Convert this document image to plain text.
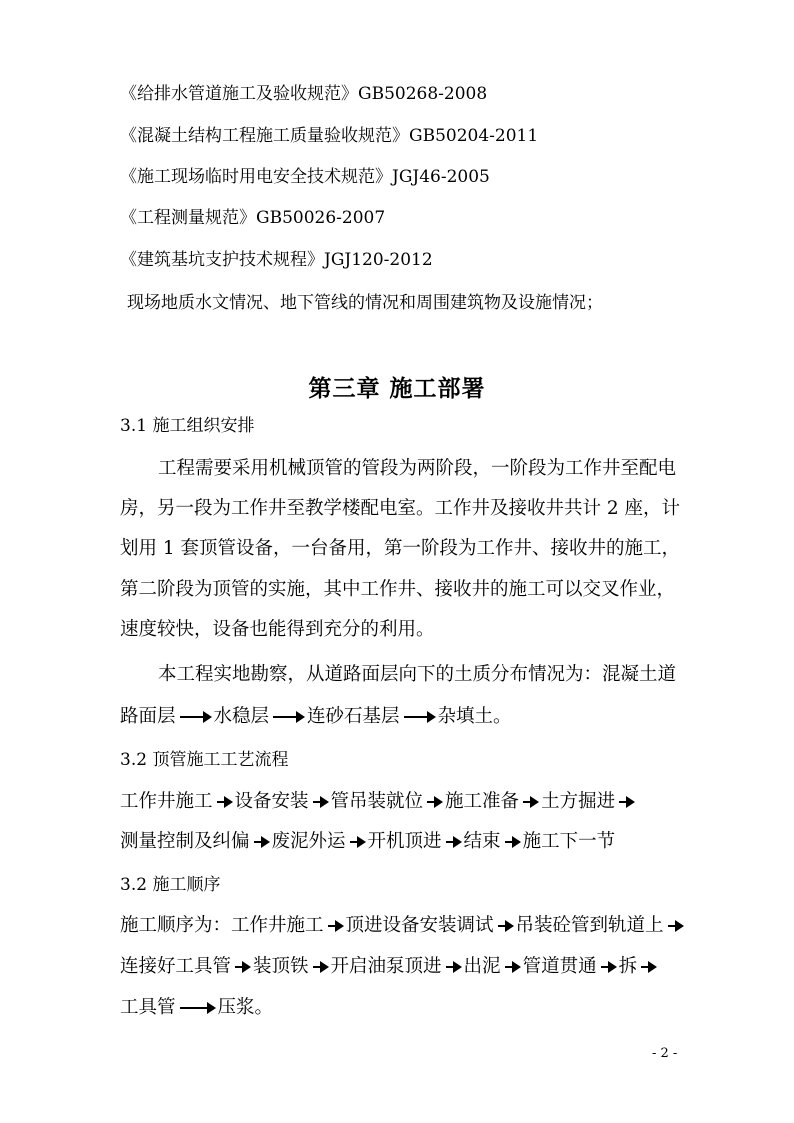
《给排水管道施工及验收规范》GB50268-2008
《混凝土结构工程施工质量验收规范》GB50204-2011
《施工现场临时用电安全技术规范》JGJ46-2005
《工程测量规范》GB50026-2007
《建筑基坑支护技术规程》JGJ120-2012
现场地质水文情况、地下管线的情况和周围建筑物及设施情况；
第三章 施工部署
3.1 施工组织安排
工程需要采用机械顶管的管段为两阶段，一阶段为工作井至配电
房，另一段为工作井至教学楼配电室。工作井及接收井共计 2 座，计
划用 1 套顶管设备，一台备用，第一阶段为工作井、接收井的施工，
第二阶段为顶管的实施，其中工作井、接收井的施工可以交叉作业，
速度较快，设备也能得到充分的利用。
本工程实地勘察，从道路面层向下的土质分布情况为：混凝土道
路面层 水稳层 连砂石基层 杂填土。
3.2 顶管施工工艺流程
工作井施工 设备安装 管吊装就位 施工准备 土方掘进
测量控制及纠偏 废泥外运 开机顶进 结束 施工下一节
3.2 施工顺序
施工顺序为： 工作井施工 顶进设备安装调试 吊装砼管到轨道上
连接好工具管 装顶铁 开启油泵顶进 出泥 管道贯通 拆
工具管 压浆。
- 2 -
